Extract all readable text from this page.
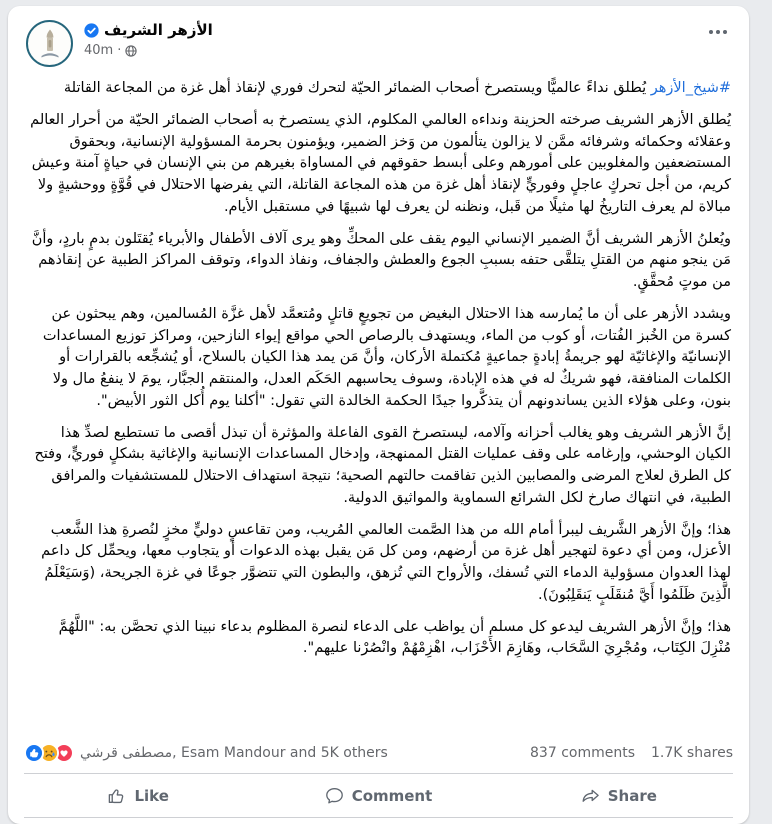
الأزهر الشريف
40m ·

#شيخ_الأزهر يُطلق نداءً عالميًّا ويستصرخ أصحاب الضمائر الحيّة لتحرك فوري لإنقاذ أهل غزة من المجاعة القاتلة

يُطلق الأزهر الشريف صرخته الحزينة ونداءه العالمي المكلوم، الذي يستصرخ به أصحاب الضمائر الحيّة من أحرار العالم وعقلائه وحكمائه وشرفائه ممَّن لا يزالون يتألمون من وَخز الضمير، ويؤمنون بحرمة المسؤولية الإنسانية، وبحقوق المستضعفين والمغلوبين على أمورهم وعلى أبسط حقوقهم في المساواة بغيرهم من بني الإنسان في حياةٍ آمنة وعيش كريم، من أجل تحركٍ عاجلٍ وفوريٍّ لإنقاذ أهل غزة من هذه المجاعة القاتلة، التي يفرضها الاحتلال في قُوَّةٍ ووحشيةٍ ولا مبالاة لم يعرف التاريخُ لها مثيلًا من قَبل، ونظنه لن يعرف لها شبيهًا في مستقبل الأيام.

ويُعلنُ الأزهر الشريف أنَّ الضمير الإنساني اليوم يقف على المحكِّ وهو يرى آلاف الأطفال والأبرياء يُقتَلون بدمٍ باردٍ، وأنَّ مَن ينجو منهم من القتلِ يتلقَّى حتفه بسببِ الجوع والعطش والجفاف، ونفاذ الدواء، وتوقف المراكز الطبية عن إنقاذهم من موتٍ مُحقَّقٍ.

ويشدد الأزهر على أن ما يُمارسه هذا الاحتلال البغيض من تجويعٍ قاتلٍ ومُتعمَّد لأهل غزَّة المُسالمين، وهم يبحثون عن كسرة من الخُبز الفُتات، أو كوب من الماء، ويستهدف بالرصاص الحي مواقع إيواء النازحين، ومراكز توزيع المساعدات الإنسانيّة والإغاثيّة لهو جريمةُ إبادةٍ جماعيةٍ مُكتملة الأركان، وأنَّ مَن يمد هذا الكيان بالسلاح، أو يُشجِّعه بالقرارات أو الكلمات المنافقة، فهو شريكٌ له في هذه الإبادة، وسوف يحاسبهم الحَكَم العدل، والمنتقم الجبَّار، يومَ لا ينفعُ مال ولا بنون، وعلى هؤلاء الذين يساندونهم أن يتذكَّروا جيدًا الحكمة الخالدة التي تقول: "أكلنا يوم أُكل الثور الأبيض".

إنَّ الأزهر الشريف وهو يغالب أحزانه وآلامه، ليستصرخ القوى الفاعلة والمؤثرة أن تبذل أقصى ما تستطيع لصدِّ هذا الكيان الوحشي، وإرغامه على وقف عمليات القتل الممنهجة، وإدخال المساعدات الإنسانية والإغاثية بشكلٍ فوريٍّ، وفتح كل الطرق لعلاج المرضى والمصابين الذين تفاقمت حالتهم الصحية؛ نتيجة استهداف الاحتلال للمستشفيات والمرافق الطبية، في انتهاك صارخ لكل الشرائع السماوية والمواثيق الدولية.

هذا؛ وإنَّ الأزهر الشَّريف ليبرأ أمام الله من هذا الصَّمت العالمي المُريب، ومن تقاعسٍ دوليٍّ مخزٍ لنُصرةِ هذا الشَّعب الأعزل، ومن أي دعوة لتهجير أهل غزة من أرضهم، ومن كل مَن يقبل بهذه الدعوات أو يتجاوب معها، ويحمِّل كل داعم لهذا العدوان مسؤولية الدماء التي تُسفك، والأرواح التي تُزهق، والبطون التي تتضوَّر جوعًا في غزة الجريحة، (وَسَيَعْلَمُ الَّذِينَ ظَلَمُوا أَيَّ مُنقَلَبٍ يَنقَلِبُونَ).

هذا؛ وإنَّ الأزهر الشريف ليدعو كل مسلم أن يواظب على الدعاء لنصرة المظلوم بدعاء نبينا الذي تحصَّن به: "اللَّهُمَّ مُنْزِلَ الكِتَاب، ومُجْرِيَ السَّحَاب، وهَازِمَ الأَحْزَاب، اهْزِمْهُمْ وانْصُرْنا عليهم".

مصطفى قرشي, Esam Mandour and 5K others	837 comments 1.7K shares
Like	Comment	Share
